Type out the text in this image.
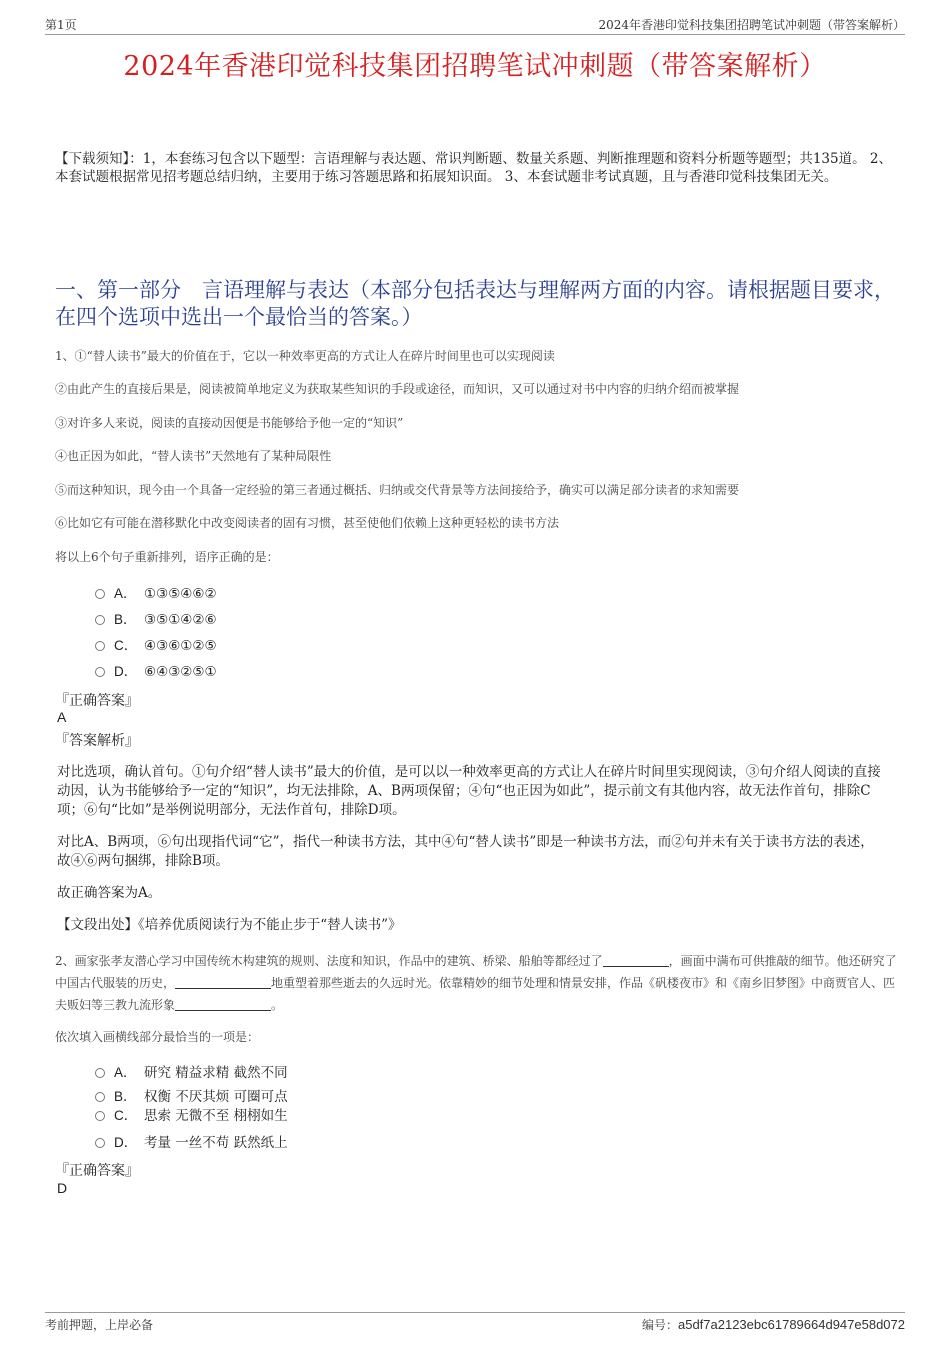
第1页	2024年香港印觉科技集团招聘笔试冲刺题（带答案解析）
2024年香港印觉科技集团招聘笔试冲刺题（带答案解析）
【下载须知】：1，本套练习包含以下题型：言语理解与表达题、常识判断题、数量关系题、判断推理题和资料分析题等题型；共135道。 2、本套试题根据常见招考题总结归纳，主要用于练习答题思路和拓展知识面。 3、本套试题非考试真题，且与香港印觉科技集团无关。
一、第一部分　言语理解与表达（本部分包括表达与理解两方面的内容。请根据题目要求，在四个选项中选出一个最恰当的答案。）
1、①“替人读书”最大的价值在于，它以一种效率更高的方式让人在碎片时间里也可以实现阅读
②由此产生的直接后果是，阅读被简单地定义为获取某些知识的手段或途径，而知识，又可以通过对书中内容的归纳介绍而被掌握
③对许多人来说，阅读的直接动因便是书能够给予他一定的“知识”
④也正因为如此，“替人读书”天然地有了某种局限性
⑤而这种知识，现今由一个具备一定经验的第三者通过概括、归纳或交代背景等方法间接给予，确实可以满足部分读者的求知需要
⑥比如它有可能在潜移默化中改变阅读者的固有习惯，甚至使他们依赖上这种更轻松的读书方法
将以上6个句子重新排列，语序正确的是：
A． ①③⑤④⑥②
B． ③⑤①④②⑥
C． ④③⑥①②⑤
D． ⑥④③②⑤①
『正确答案』
A
『答案解析』
对比选项，确认首句。①句介绍“替人读书”最大的价值，是可以以一种效率更高的方式让人在碎片时间里实现阅读，③句介绍人阅读的直接动因，认为书能够给予一定的“知识”，均无法排除，A、B两项保留；④句“也正因为如此”，提示前文有其他内容，故无法作首句，排除C项；⑥句“比如”是举例说明部分，无法作首句，排除D项。
对比A、B两项，⑥句出现指代词“它”，指代一种读书方法，其中④句“替人读书”即是一种读书方法，而②句并未有关于读书方法的表述，故④⑥两句捆绑，排除B项。
故正确答案为A。
【文段出处】《培养优质阅读行为不能止步于“替人读书”》
2、画家张孝友潜心学习中国传统木构建筑的规则、法度和知识，作品中的建筑、桥梁、船舶等都经过了	，画面中满布可供推敲的细节。他还研究了中国古代服装的历史，	地重塑着那些逝去的久远时光。依靠精妙的细节处理和情景安排，作品《矾楼夜市》和《南乡旧梦图》中商贾官人、匹夫贩妇等三教九流形象	。
依次填入画横线部分最恰当的一项是：
A． 研究 精益求精 截然不同
B． 权衡 不厌其烦 可圈可点
C． 思索 无微不至 栩栩如生
D． 考量 一丝不苟 跃然纸上
『正确答案』
D
考前押题，上岸必备	编号：a5df7a2123ebc61789664d947e58d072
